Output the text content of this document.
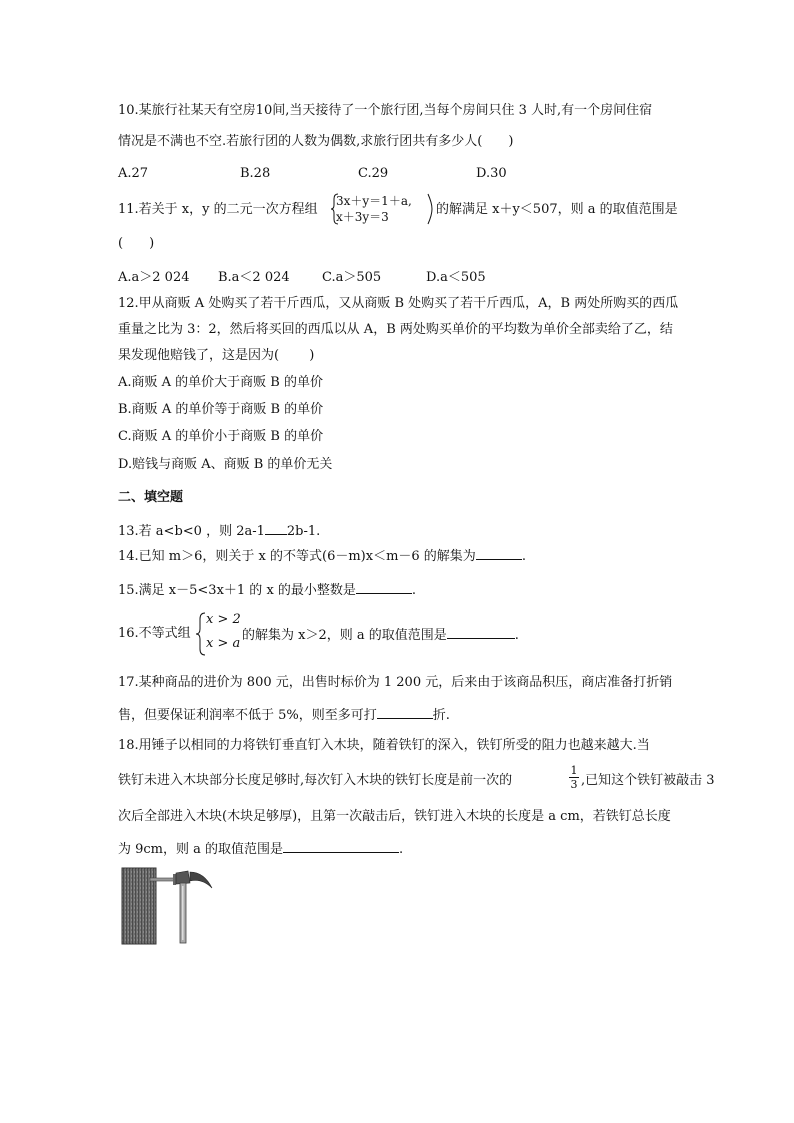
10.某旅行社某天有空房10间,当天接待了一个旅行团,当每个房间只住 3 人时,有一个房间住宿
情况是不满也不空.若旅行团的人数为偶数,求旅行团共有多少人(　　)
A.27	B.28	C.29	D.30
11.若关于 x，y 的二元一次方程组
3x＋y＝1＋a,
x＋3y＝3	的解满足 x＋y＜507，则 a 的取值范围是
(　　)
A.a＞2 024 B.a＜2 024 C.a＞505	D.a＜505
12.甲从商贩 A 处购买了若干斤西瓜，又从商贩 B 处购买了若干斤西瓜，A，B 两处所购买的西瓜
重量之比为 3：2，然后将买回的西瓜以从 A，B 两处购买单价的平均数为单价全部卖给了乙，结
果发现他赔钱了，这是因为(　　 )
A.商贩 A 的单价大于商贩 B 的单价
B.商贩 A 的单价等于商贩 B 的单价
C.商贩 A 的单价小于商贩 B 的单价
D.赔钱与商贩 A、商贩 B 的单价无关
二、填空题
13.若 a<b<0 ，则 2a-1 2b-1.
14.已知 m＞6，则关于 x 的不等式(6－m)x＜m－6 的解集为	.
15.满足 x－5<3x＋1 的 x 的最小整数是	.
16.不等式组
x > 2
x > a
的解集为 x＞2，则 a 的取值范围是	.
17.某种商品的进价为 800 元，出售时标价为 1 200 元，后来由于该商品积压，商店准备打折销
售，但要保证利润率不低于 5%，则至多可打	折.
18.用锤子以相同的力将铁钉垂直钉入木块，随着铁钉的深入，铁钉所受的阻力也越来越大.当
铁钉未进入木块部分长度足够时,每次钉入木块的铁钉长度是前一次的
1
3 ,已知这个铁钉被敲击 3
次后全部进入木块(木块足够厚)，且第一次敲击后，铁钉进入木块的长度是 a cm，若铁钉总长度
为 9cm，则 a 的取值范围是	.
